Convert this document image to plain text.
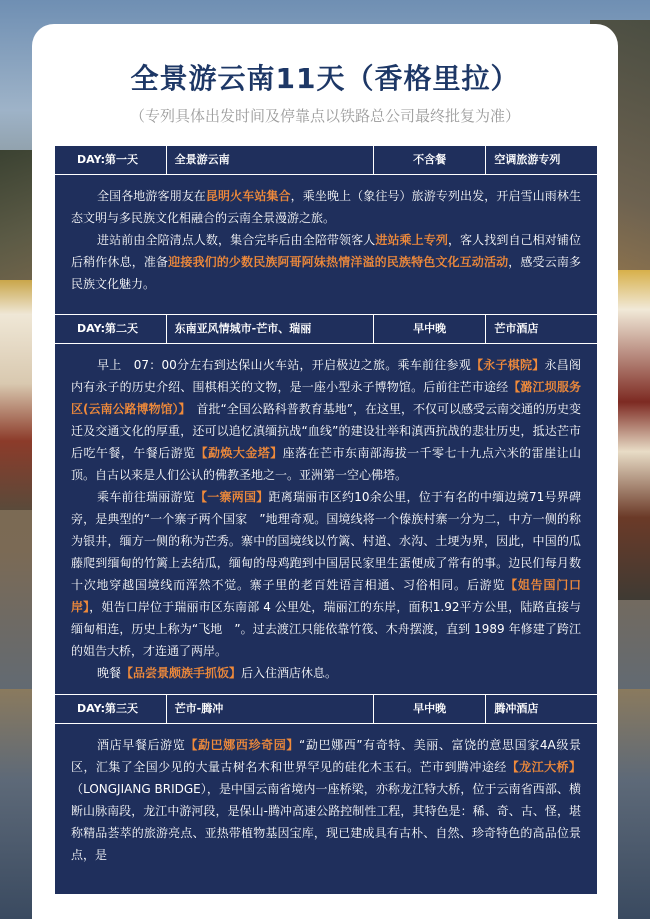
全景游云南11天（香格里拉）
（专列具体出发时间及停靠点以铁路总公司最终批复为准）
DAY:第一天	全景游云南	不含餐	空调旅游专列

全国各地游客朋友在昆明火车站集合，乘坐晚上（象往号）旅游专列出发，开启雪山雨林生态文明与多民族文化相融合的云南全景漫游之旅。

进站前由全陪清点人数，集合完毕后由全陪带领客人进站乘上专列，客人找到自己相对铺位后稍作休息，准备迎接我们的少数民族阿哥阿妹热情洋溢的民族特色文化互动活动，感受云南多民族文化魅力。

DAY:第二天	东南亚风情城市-芒市、瑞丽	早中晚	芒市酒店

早上　07：00分左右到达保山火车站，开启极边之旅。乘车前往参观【永子棋院】永昌阁内有永子的历史介绍、围棋相关的文物，是一座小型永子博物馆。后前往芒市途经【潞江坝服务区(云南公路博物馆）】　首批“全国公路科普教育基地”，在这里，不仅可以感受云南交通的历史变迁及交通文化的厚重，还可以追忆滇缅抗战“血线”的建设壮举和滇西抗战的悲壮历史，抵达芒市后吃午餐，午餐后游览【勐焕大金塔】座落在芒市东南部海拔一千零七十九点六米的雷崖让山顶。自古以来是人们公认的佛教圣地之一。亚洲第一空心佛塔。

乘车前往瑞丽游览【一寨两国】距离瑞丽市区约10余公里，位于有名的中缅边境71号界碑旁，是典型的“一个寨子两个国家　”地理奇观。国境线将一个傣族村寨一分为二，中方一侧的称为银井，缅方一侧的称为芒秀。寨中的国境线以竹篱、村道、水沟、土埂为界，因此，中国的瓜藤爬到缅甸的竹篱上去结瓜，缅甸的母鸡跑到中国居民家里生蛋便成了常有的事。边民们每月数十次地穿越国境线而浑然不觉。寨子里的老百姓语言相通、习俗相同。后游览【姐告国门口岸】，姐告口岸位于瑞丽市区东南部 4 公里处，瑞丽江的东岸，面积1.92平方公里，陆路直接与缅甸相连，历史上称为“飞地　”。过去渡江只能依靠竹筏、木舟摆渡，直到 1989 年修建了跨江的姐告大桥，才连通了两岸。

晚餐【品尝景颇族手抓饭】后入住酒店休息。

DAY:第三天	芒市-腾冲	早中晚	腾冲酒店

酒店早餐后游览【勐巴娜西珍奇园】“勐巴娜西”有奇特、美丽、富饶的意思国家4A级景区，汇集了全国少见的大量古树名木和世界罕见的硅化木玉石。芒市到腾冲途经【龙江大桥】（LONGJIANG BRIDGE），是中国云南省境内一座桥梁，亦称龙江特大桥，位于云南省西部、横断山脉南段，龙江中游河段，是保山-腾冲高速公路控制性工程，其特色是：稀、奇、古、怪，堪称精品荟萃的旅游亮点、亚热带植物基因宝库，现已建成具有古朴、自然、珍奇特色的高品位景点，是
